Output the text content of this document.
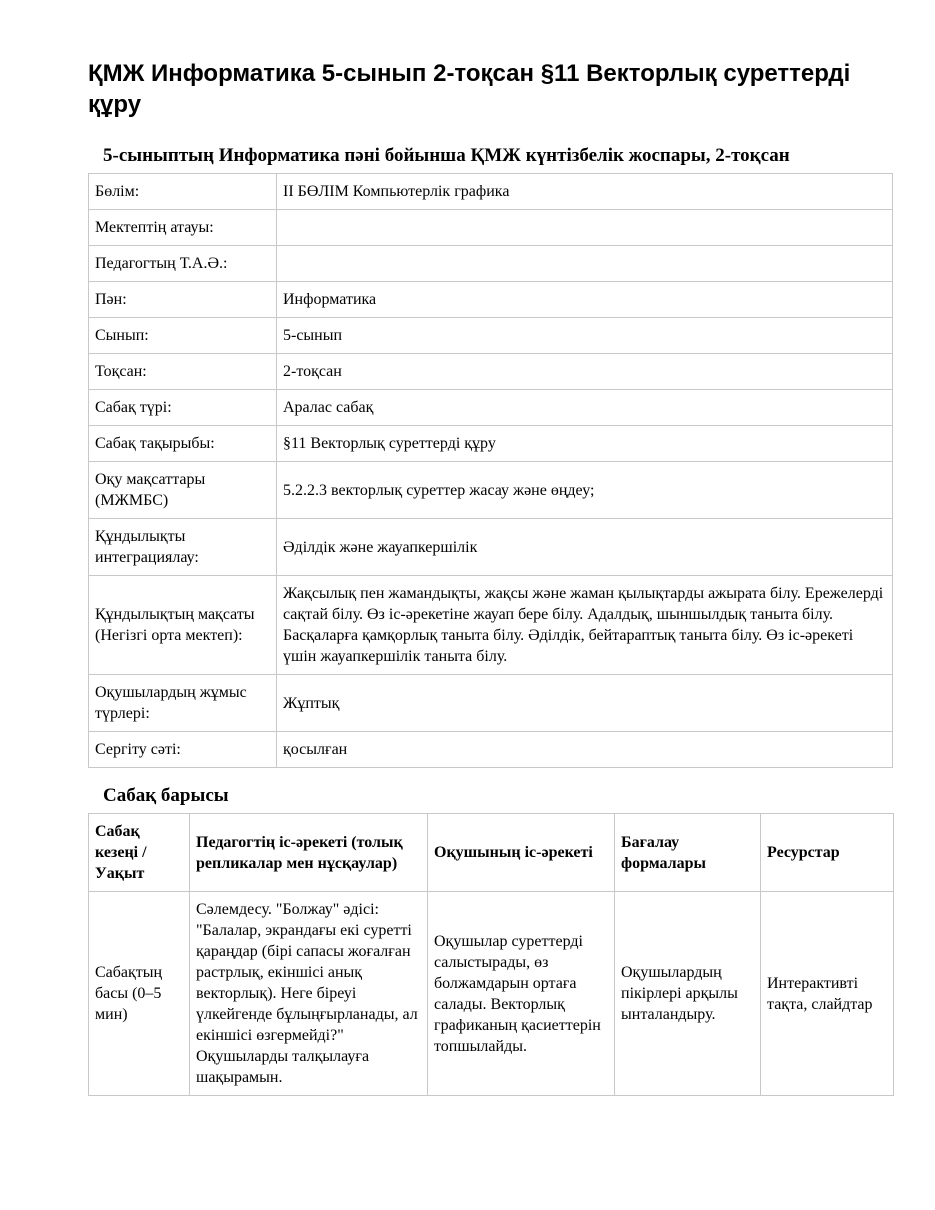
ҚМЖ Информатика 5-сынып 2-тоқсан §11 Векторлық суреттерді құру
5-сыныптың Информатика пәні бойынша ҚМЖ күнтізбелік жоспары, 2-тоқсан
Бөлім:	II БӨЛІМ Компьютерлік графика
Мектептің атауы:	
Педагогтың Т.А.Ә.:	
Пән:	Информатика
Сынып:	5-сынып
Тоқсан:	2-тоқсан
Сабақ түрі:	Аралас сабақ
Сабақ тақырыбы:	§11 Векторлық суреттерді құру
Оқу мақсаттары (МЖМБС)	5.2.2.3 векторлық суреттер жасау және өңдеу;
Құндылықты интеграциялау:	Әділдік және жауапкершілік
Құндылықтың мақсаты (Негізгі орта мектеп):	Жақсылық пен жамандықты, жақсы және жаман қылықтарды ажырата білу. Ережелерді сақтай білу. Өз іс-әрекетіне жауап бере білу. Адалдық, шыншылдық таныта білу. Басқаларға қамқорлық таныта білу. Әділдік, бейтараптық таныта білу. Өз іс-әрекеті үшін жауапкершілік таныта білу.
Оқушылардың жұмыс түрлері:	Жұптық
Сергіту сәті:	қосылған
Сабақ барысы
Сабақ кезеңі / Уақыт	Педагогтің іс-әрекеті (толық репликалар мен нұсқаулар)	Оқушының іс-әрекеті	Бағалау формалары	Ресурстар
Сабақтың басы (0–5 мин)	Сәлемдесу. "Болжау" әдісі: "Балалар, экрандағы екі суретті қараңдар (бірі сапасы жоғалған растрлық, екіншісі анық векторлық). Неге біреуі үлкейгенде бұлыңғырланады, ал екіншісі өзгермейді?" Оқушыларды талқылауға шақырамын.	Оқушылар суреттерді салыстырады, өз болжамдарын ортаға салады. Векторлық графиканың қасиеттерін топшылайды.	Оқушылардың пікірлері арқылы ынталандыру.	Интерактивті тақта, слайдтар
